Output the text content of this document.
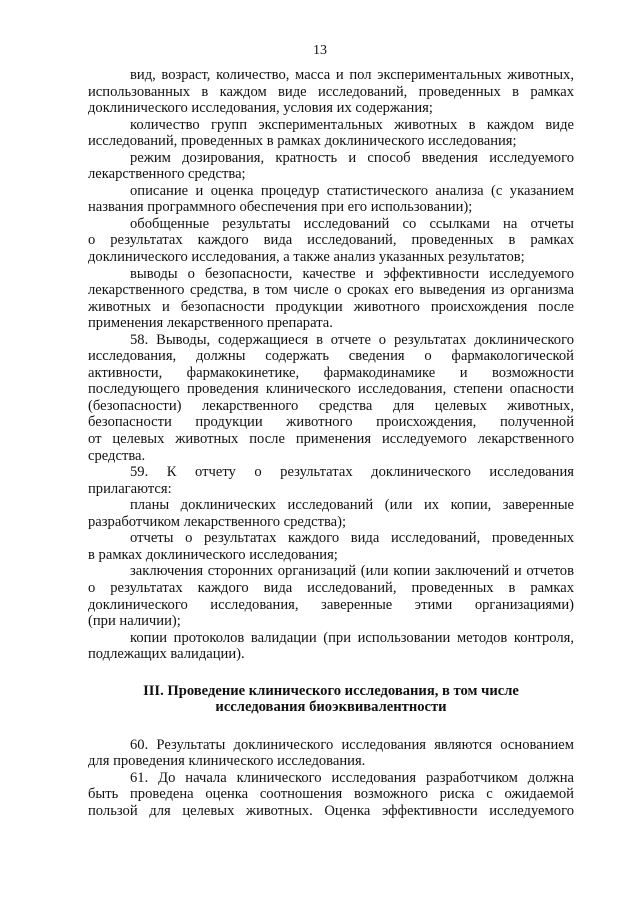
13
вид, возраст, количество, масса и пол экспериментальных животных,
использованных в каждом виде исследований, проведенных в рамках
доклинического исследования, условия их содержания;
количество групп экспериментальных животных в каждом виде
исследований, проведенных в рамках доклинического исследования;
режим дозирования, кратность и способ введения исследуемого
лекарственного средства;
описание и оценка процедур статистического анализа (с указанием
названия программного обеспечения при его использовании);
обобщенные результаты исследований со ссылками на отчеты
о результатах каждого вида исследований, проведенных в рамках
доклинического исследования, а также анализ указанных результатов;
выводы о безопасности, качестве и эффективности исследуемого
лекарственного средства, в том числе о сроках его выведения из организма
животных и безопасности продукции животного происхождения после
применения лекарственного препарата.
58. Выводы, содержащиеся в отчете о результатах доклинического
исследования, должны содержать сведения о фармакологической
активности, фармакокинетике, фармакодинамике и возможности
последующего проведения клинического исследования, степени опасности
(безопасности) лекарственного средства для целевых животных,
безопасности продукции животного происхождения, полученной
от целевых животных после применения исследуемого лекарственного
средства.
59. К отчету о результатах доклинического исследования
прилагаются:
планы доклинических исследований (или их копии, заверенные
разработчиком лекарственного средства);
отчеты о результатах каждого вида исследований, проведенных
в рамках доклинического исследования;
заключения сторонних организаций (или копии заключений и отчетов
о результатах каждого вида исследований, проведенных в рамках
доклинического исследования, заверенные этими организациями)
(при наличии);
копии протоколов валидации (при использовании методов контроля,
подлежащих валидации).
III. Проведение клинического исследования, в том числе
исследования биоэквивалентности
60. Результаты доклинического исследования являются основанием
для проведения клинического исследования.
61. До начала клинического исследования разработчиком должна
быть проведена оценка соотношения возможного риска с ожидаемой
пользой для целевых животных. Оценка эффективности исследуемого
